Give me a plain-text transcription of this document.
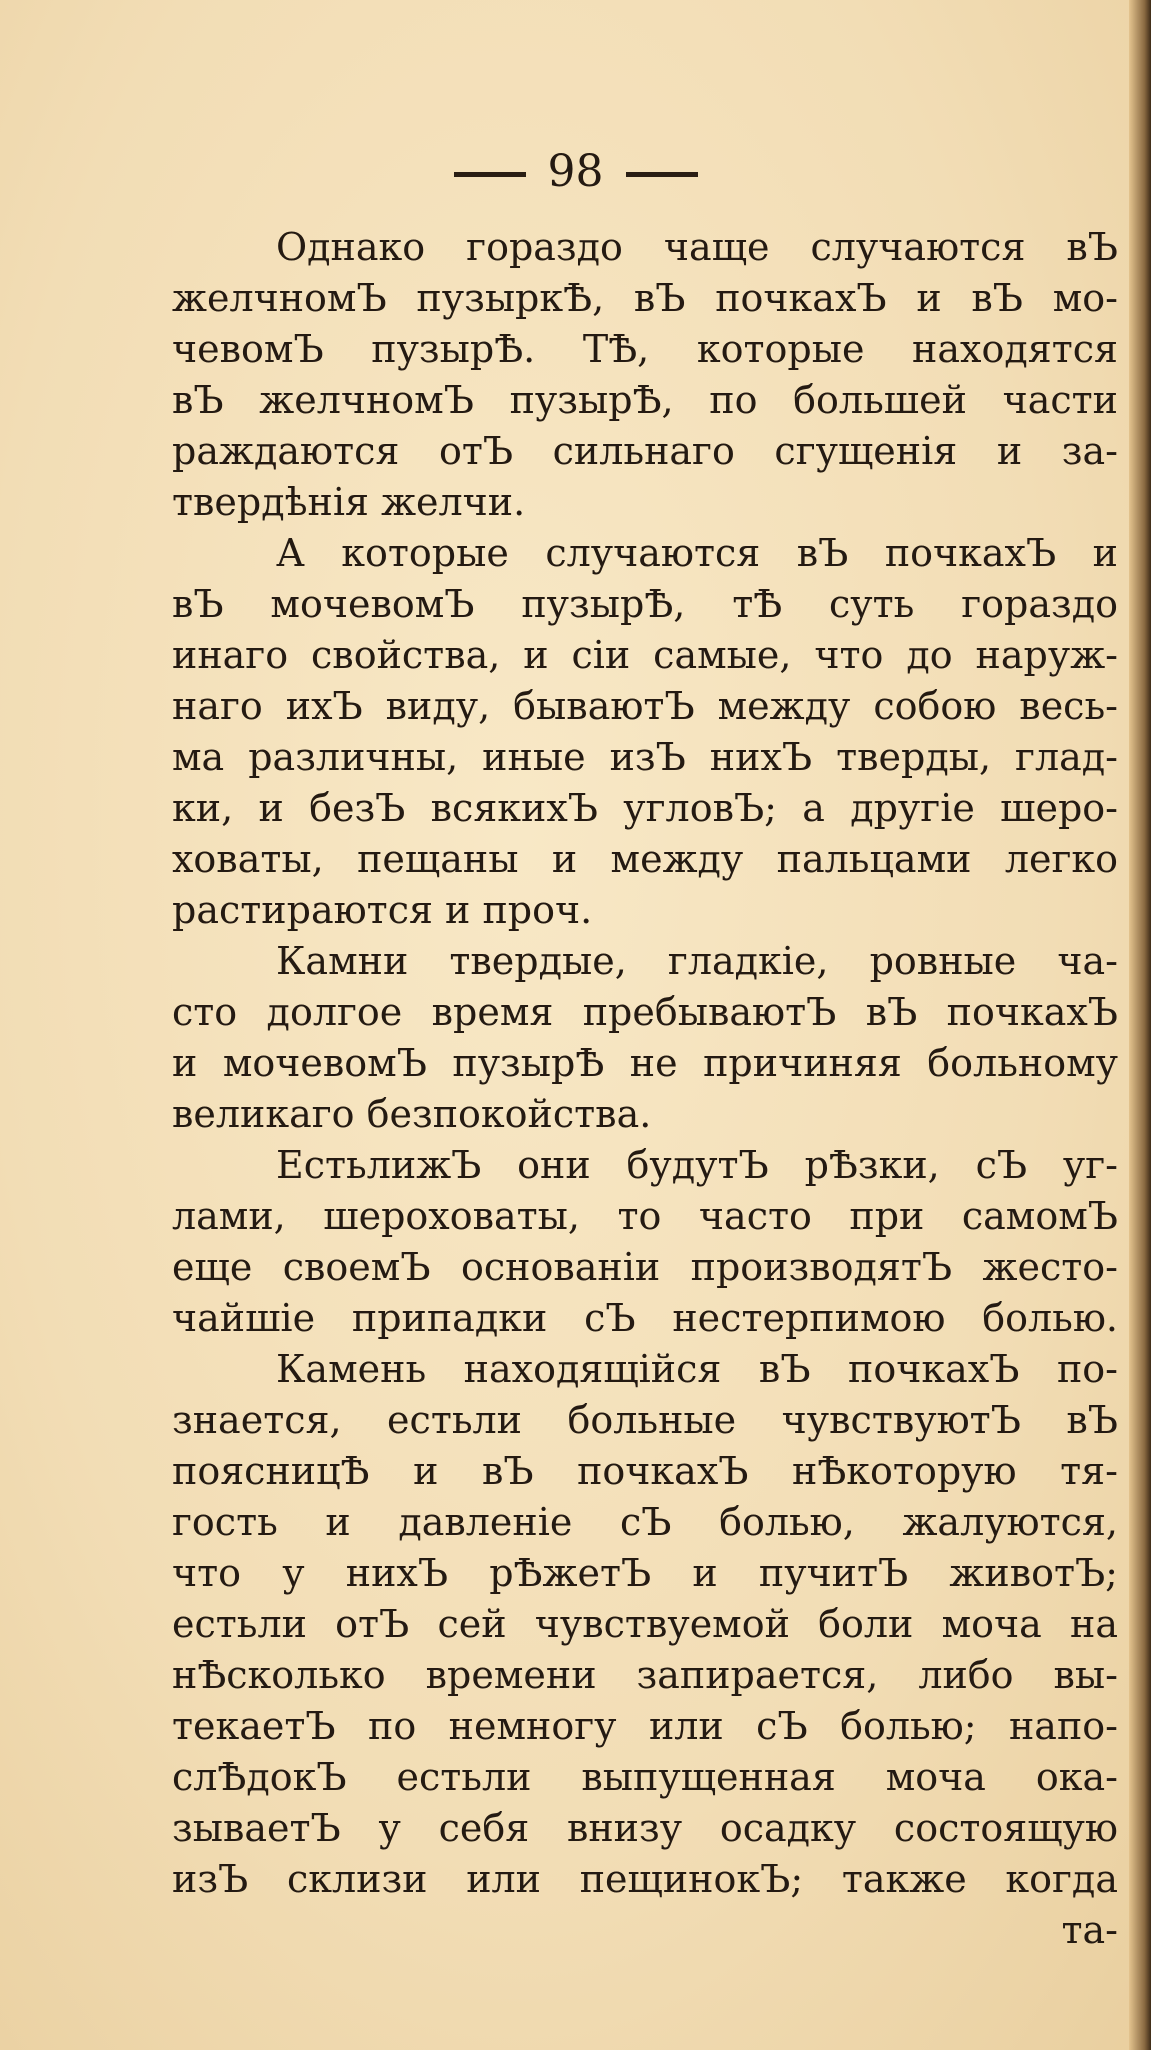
98
Однако гораздо чаще случаются вЪ
желчномЪ пузыркѢ, вЪ почкахЪ и вЪ мо-
чевомЪ пузырѢ. ТѢ, которые находятся
вЪ желчномЪ пузырѢ, по большей части
раждаются отЪ сильнаго сгущенiя и за-
твердѣнiя желчи.
А которые случаются вЪ почкахЪ и
вЪ мочевомЪ пузырѢ, тѢ суть гораздо
инаго свойства, и сiи самые, что до наруж-
наго ихЪ виду, бываютЪ между собою весь-
ма различны, иные изЪ нихЪ тверды, глад-
ки, и безЪ всякихЪ угловЪ; а другiе шеро-
ховаты, пещаны и между пальцами легко
растираются и проч.
Камни твердые, гладкiе, ровные ча-
сто долгое время пребываютЪ вЪ почкахЪ
и мочевомЪ пузырѢ не причиняя больному
великаго безпокойства.
ЕстьлижЪ они будутЪ рѢзки, сЪ уг-
лами, шероховаты, то часто при самомЪ
еще своемЪ основанiи производятЪ жесто-
чайшiе припадки сЪ нестерпимою болью.
Камень находящiйся вЪ почкахЪ по-
знается, естьли больные чувствуютЪ вЪ
поясницѢ и вЪ почкахЪ нѢкоторую тя-
гость и давленiе сЪ болью, жалуются,
что у нихЪ рѢжетЪ и пучитЪ животЪ;
естьли отЪ сей чувствуемой боли моча на
нѢсколько времени запирается, либо вы-
текаетЪ по немногу или сЪ болью; напо-
слѢдокЪ естьли выпущенная моча ока-
зываетЪ у себя внизу осадку состоящую
изЪ склизи или пещинокЪ; также когда
та-
